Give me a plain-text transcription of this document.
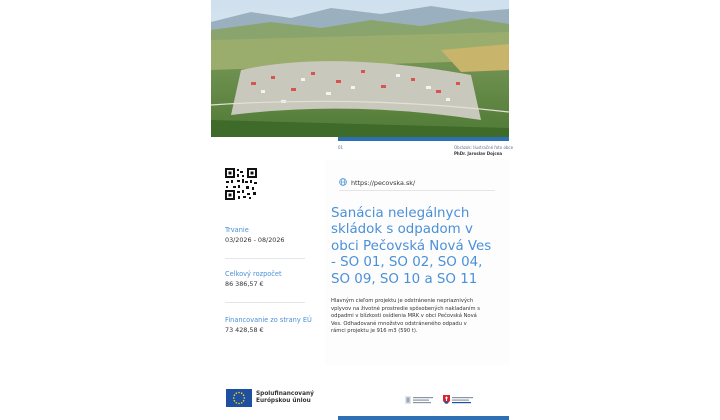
01	Obrázok: Ilustračné foto obce
PhDr. Jaroslav Dojcna
https://pecovska.sk/
Trvanie
03/2026 - 08/2026
Celkový rozpočet
86 386,57 €
Financovanie zo strany EÚ
73 428,58 €
Sanácia nelegálnych skládok s odpadom v obci Pečovská Nová Ves - SO 01, SO 02, SO 04, SO 09, SO 10 a SO 11

Hlavným cieľom projektu je odstránenie nepriaznivých vplyvov na životné prostredie spôsobených nakladaním s odpadmi v blízkosti osídlenia MRK v obci Pečovská Nová Ves. Odhadované množstvo odstráneného odpadu v rámci projektu je 916 m3 (590 t).

Spolufinancovaný
Európskou úniou
